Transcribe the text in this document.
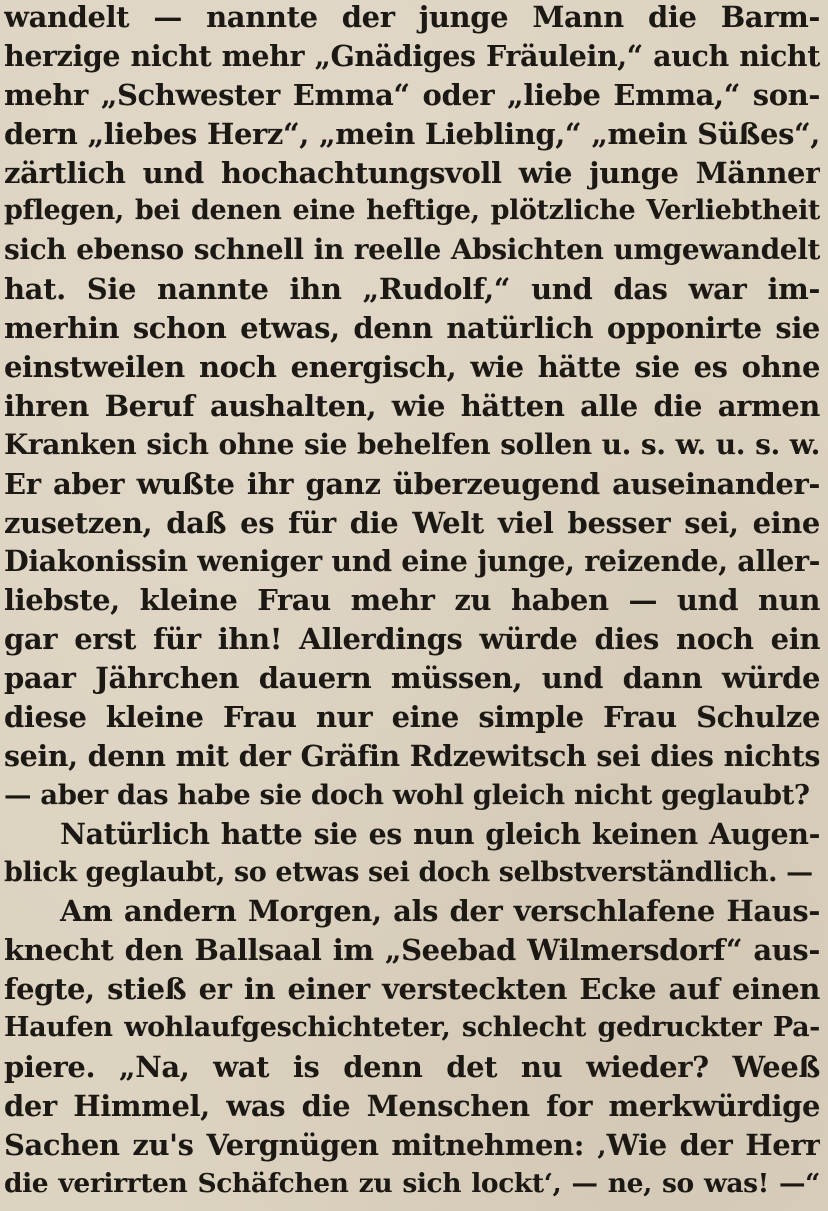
wandelt — nannte der junge Mann die Barm-
herzige nicht mehr „Gnädiges Fräulein,“ auch nicht
mehr „Schwester Emma“ oder „liebe Emma,“ son-
dern „liebes Herz“, „mein Liebling,“ „mein Süßes“,
zärtlich und hochachtungsvoll wie junge Männer
pflegen, bei denen eine heftige, plötzliche Verliebtheit
sich ebenso schnell in reelle Absichten umgewandelt
hat. Sie nannte ihn „Rudolf,“ und das war im-
merhin schon etwas, denn natürlich opponirte sie
einstweilen noch energisch, wie hätte sie es ohne
ihren Beruf aushalten, wie hätten alle die armen
Kranken sich ohne sie behelfen sollen u. s. w. u. s. w.
Er aber wußte ihr ganz überzeugend auseinander-
zusetzen, daß es für die Welt viel besser sei, eine
Diakonissin weniger und eine junge, reizende, aller-
liebste, kleine Frau mehr zu haben — und nun
gar erst für ihn! Allerdings würde dies noch ein
paar Jährchen dauern müssen, und dann würde
diese kleine Frau nur eine simple Frau Schulze
sein, denn mit der Gräfin Rdzewitsch sei dies nichts
— aber das habe sie doch wohl gleich nicht geglaubt?
Natürlich hatte sie es nun gleich keinen Augen-
blick geglaubt, so etwas sei doch selbstverständlich. —
Am andern Morgen, als der verschlafene Haus-
knecht den Ballsaal im „Seebad Wilmersdorf“ aus-
fegte, stieß er in einer versteckten Ecke auf einen
Haufen wohlaufgeschichteter, schlecht gedruckter Pa-
piere. „Na, wat is denn det nu wieder? Weeß
der Himmel, was die Menschen for merkwürdige
Sachen zu's Vergnügen mitnehmen: ‚Wie der Herr
die verirrten Schäfchen zu sich lockt‘, — ne, so was! —“
